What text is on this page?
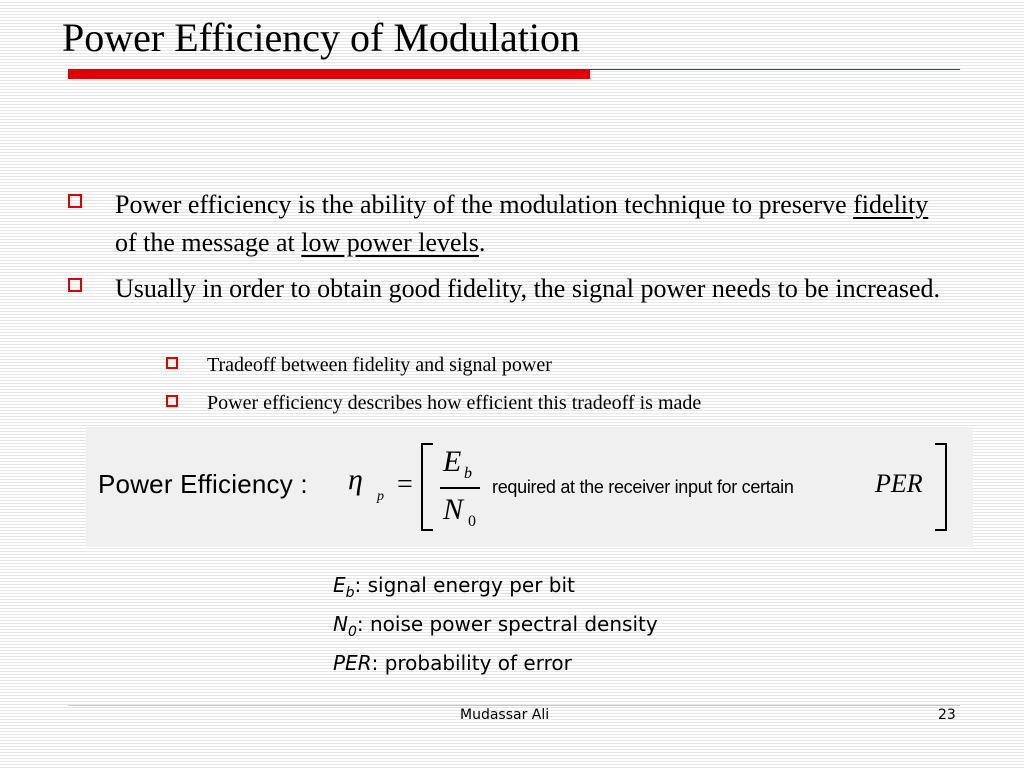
Power Efficiency of Modulation
Power efficiency is the ability of the modulation technique to preserve fidelity of the message at low power levels.
Usually in order to obtain good fidelity, the signal power needs to be increased.
Tradeoff between fidelity and signal power
Power efficiency describes how efficient this tradeoff is made
Power Efficiency : η
p =
E b
N 0
required at the receiver input for certain	PER
$E_b$: signal energy per bit
$N_0$: noise power spectral density
PER: probability of error
Mudassar Ali	23
